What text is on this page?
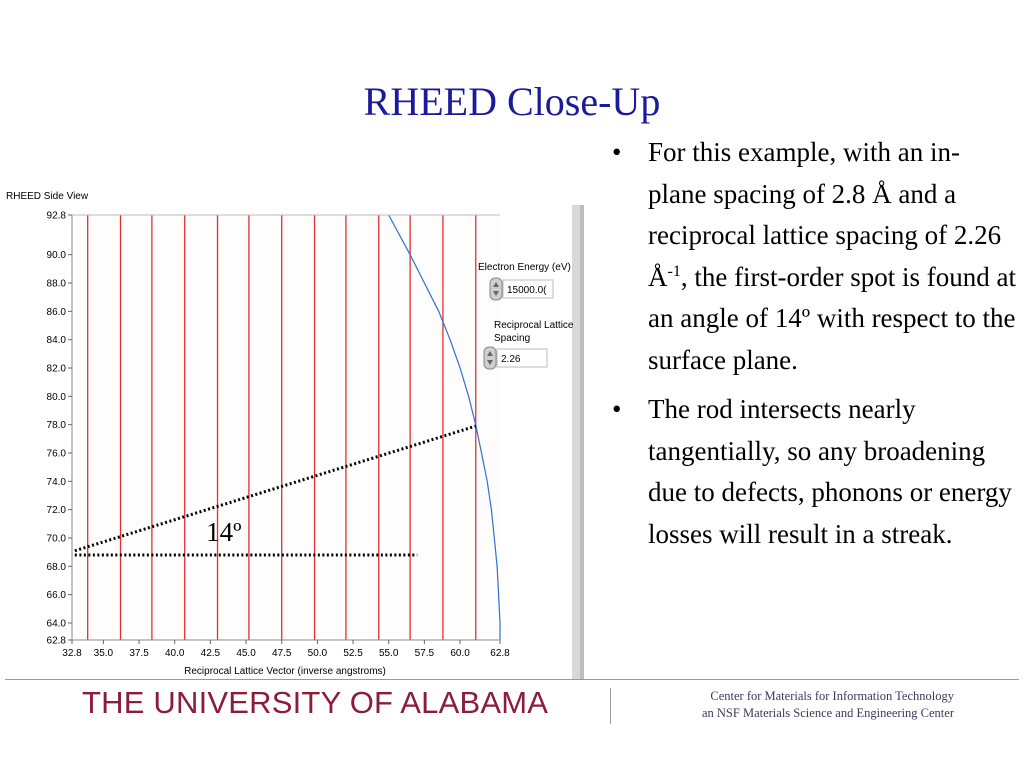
RHEED Close-Up
• For this example, with an in-plane spacing of 2.8 Å and a reciprocal lattice spacing of 2.26 $Å^{-1}$, the first-order spot is found at an angle of 14º with respect to the surface plane.
• The rod intersects nearly tangentially, so any broadening due to defects, phonons or energy losses will result in a streak.
RHEED Side View
14º
32.8 35.0 37.5 40.0 42.5 45.0 47.5 50.0 52.5 55.0 57.5 60.0 62.8
62.8
64.0
66.0
68.0
70.0
72.0
74.0
76.0
78.0
80.0
82.0
84.0
86.0
88.0
90.0
92.8
Reciprocal Lattice Vector (inverse angstroms)
Electron Energy (eV)
15000.0(
Reciprocal Lattice
Spacing
2.26
THE UNIVERSITY OF ALABAMA	Center for Materials for Information Technology
an NSF Materials Science and Engineering Center
